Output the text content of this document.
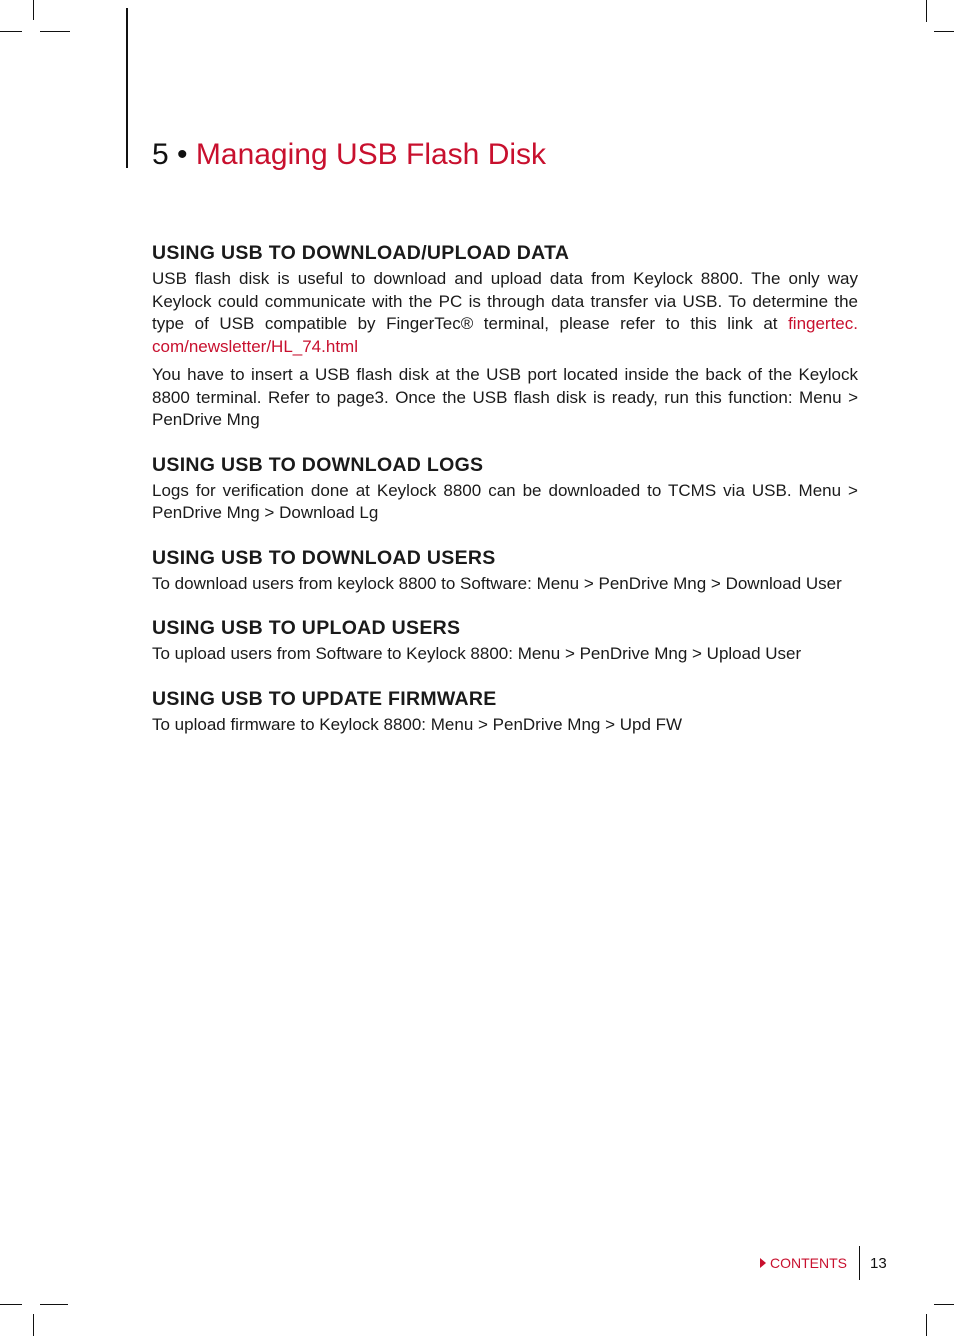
5 • Managing USB Flash Disk
USING USB TO DOWNLOAD/UPLOAD DATA

USB flash disk is useful to download and upload data from Keylock 8800. The only way Keylock could communicate with the PC is through data transfer via USB. To determine the type of USB compatible by FingerTec® terminal, please refer to this link at fingertec. com/newsletter/HL_74.html

You have to insert a USB flash disk at the USB port located inside the back of the Keylock 8800 terminal. Refer to page3. Once the USB flash disk is ready, run this function: Menu > PenDrive Mng

USING USB TO DOWNLOAD LOGS

Logs for verification done at Keylock 8800 can be downloaded to TCMS via USB. Menu > PenDrive Mng > Download Lg

USING USB TO DOWNLOAD USERS

To download users from keylock 8800 to Software: Menu > PenDrive Mng > Download User

USING USB TO UPLOAD USERS

To upload users from Software to Keylock 8800: Menu > PenDrive Mng > Upload User

USING USB TO UPDATE FIRMWARE

To upload firmware to Keylock 8800: Menu > PenDrive Mng > Upd FW

CONTENTS 13
